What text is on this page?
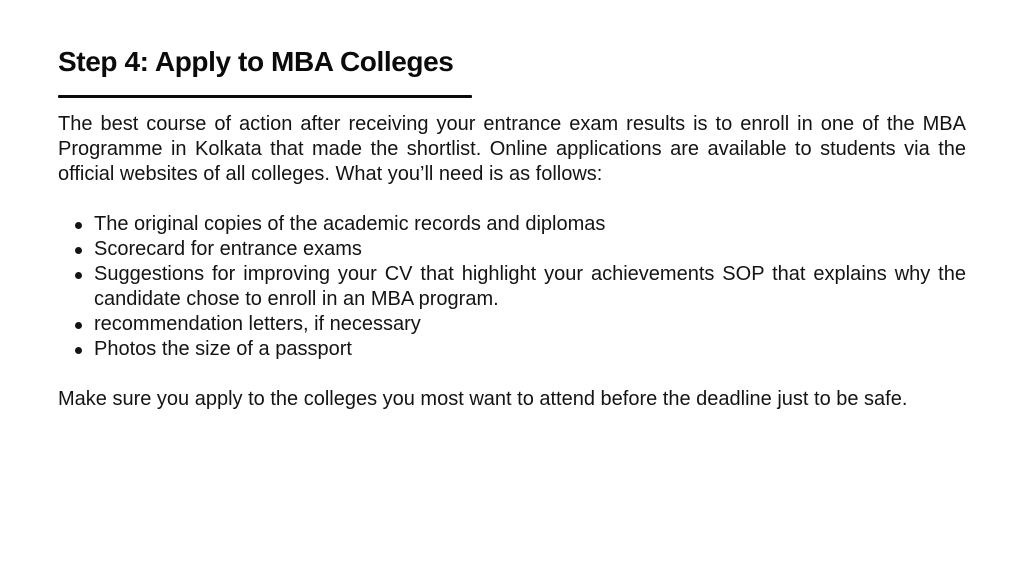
Step 4: Apply to MBA Colleges

The best course of action after receiving your entrance exam results is to enroll in one of the MBA Programme in Kolkata that made the shortlist. Online applications are available to students via the official websites of all colleges. What you’ll need is as follows:

The original copies of the academic records and diplomas
Scorecard for entrance exams
Suggestions for improving your CV that highlight your achievements SOP that explains why the candidate chose to enroll in an MBA program.
recommendation letters, if necessary
Photos the size of a passport

Make sure you apply to the colleges you most want to attend before the deadline just to be safe.
